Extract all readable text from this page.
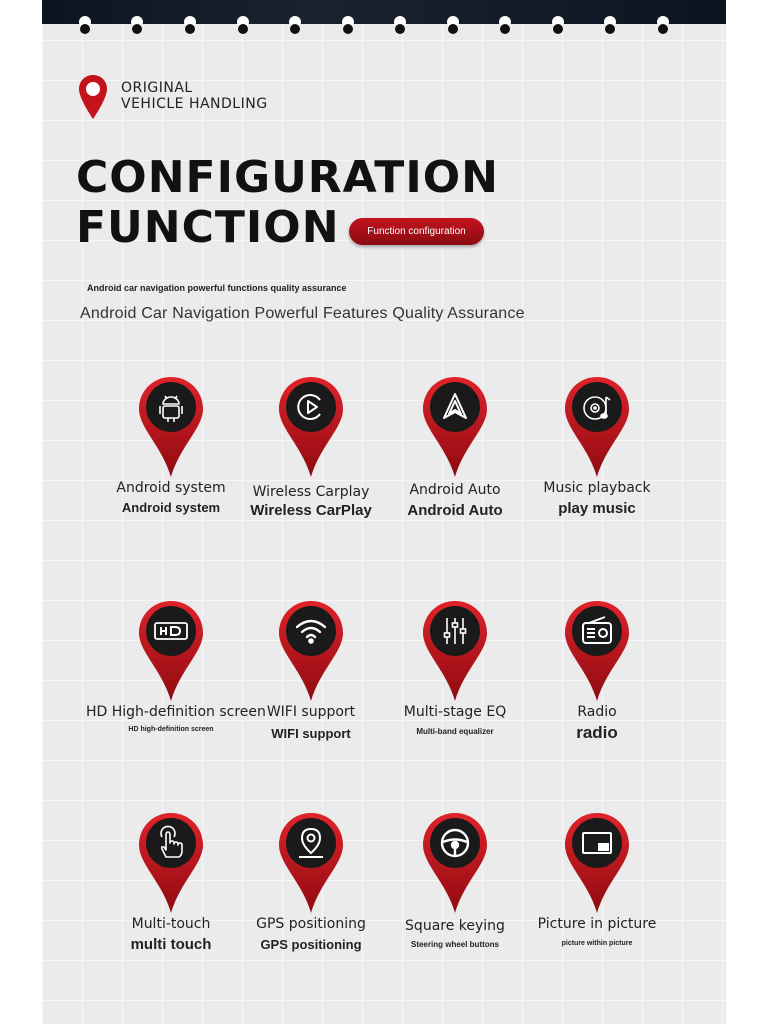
ORIGINAL
VEHICLE HANDLING
CONFIGURATION
FUNCTION	Function configuration
Android car navigation powerful functions quality assurance
Android Car Navigation Powerful Features Quality Assurance
Android system
Android system
Wireless Carplay
Wireless CarPlay
Android Auto
Android Auto
Music playback
play music
HD High-definition screen
HD high-definition screen
WIFI support
WIFI support
Multi-stage EQ
Multi-band equalizer
Radio
radio
Multi-touch
multi touch
GPS positioning
GPS positioning
Square keying
Steering wheel buttons
Picture in picture
picture within picture
